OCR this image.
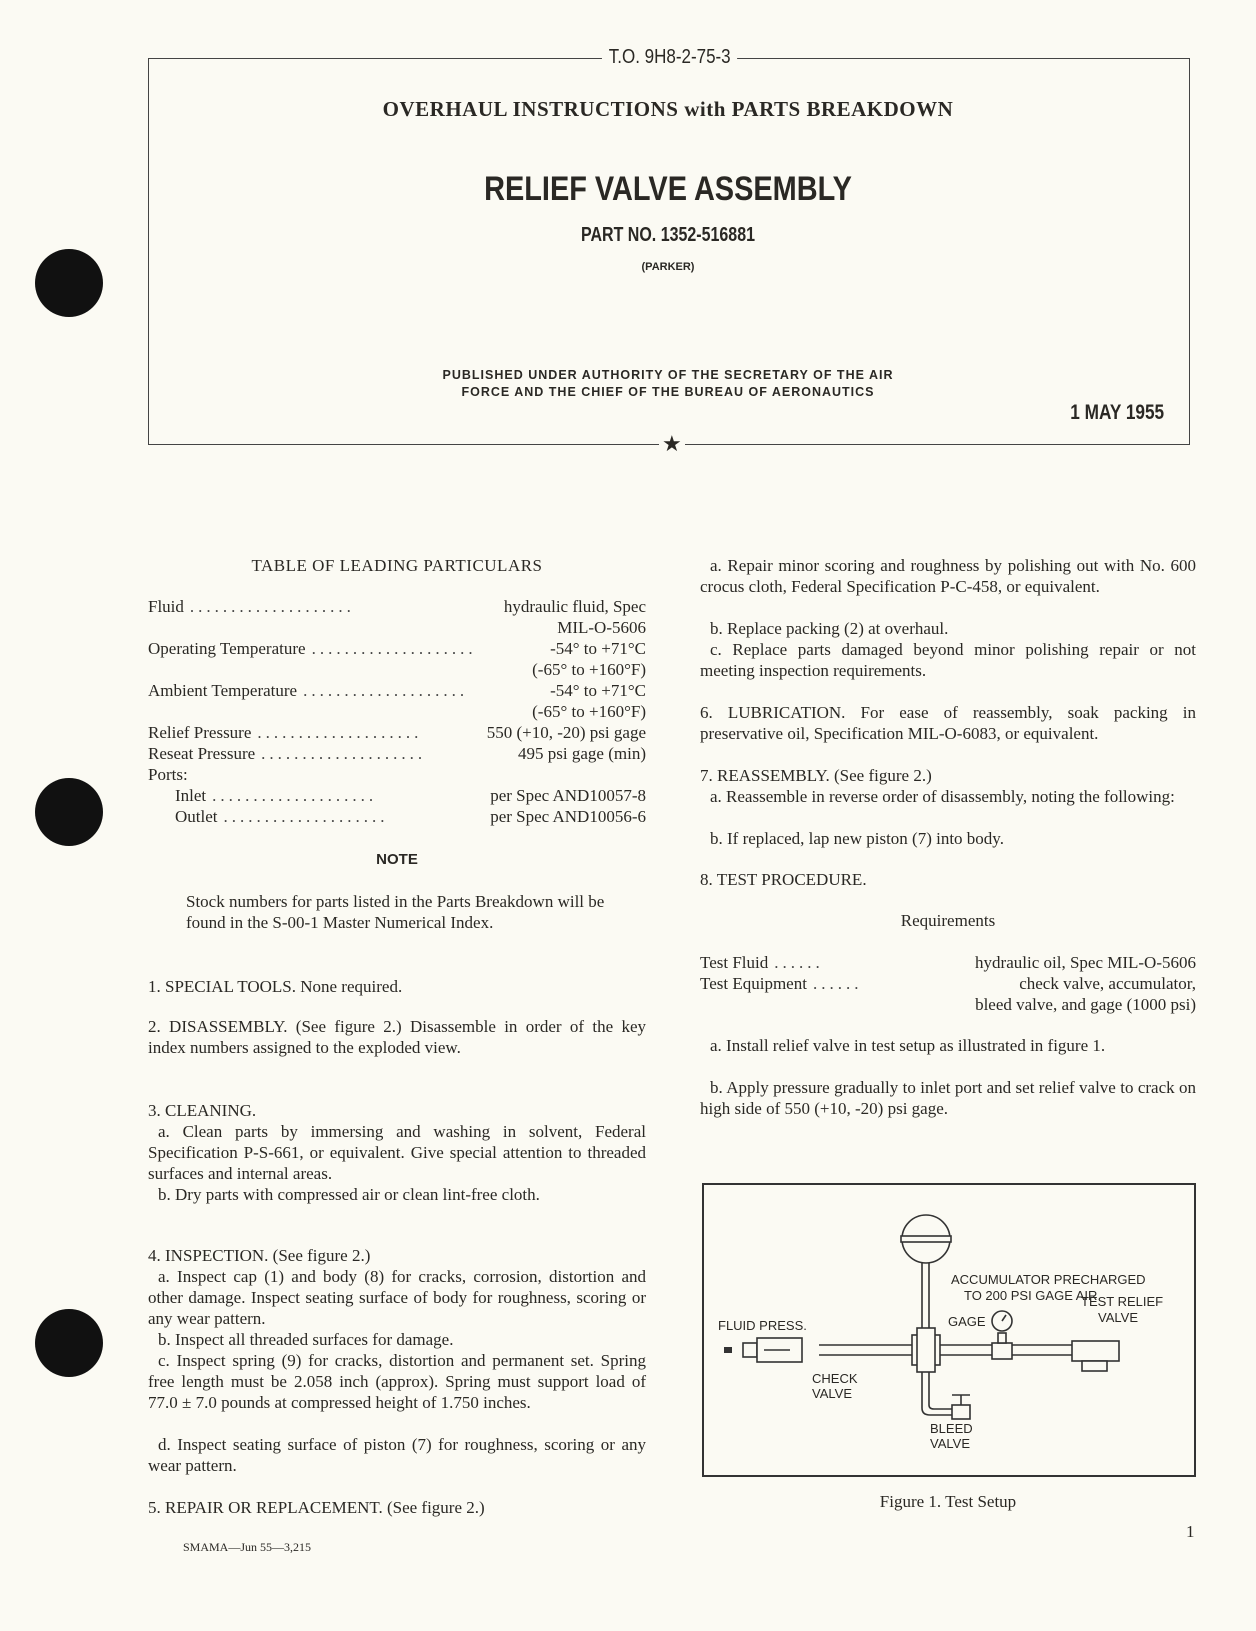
T.O. 9H8-2-75-3
OVERHAUL INSTRUCTIONS with PARTS BREAKDOWN
RELIEF VALVE ASSEMBLY
PART NO. 1352-516881
(PARKER)
PUBLISHED UNDER AUTHORITY OF THE SECRETARY OF THE AIR
FORCE AND THE CHIEF OF THE BUREAU OF AERONAUTICS
1 MAY 1955
★
TABLE OF LEADING PARTICULARS
Fluid ....................	hydraulic fluid, Spec
MIL-O-5606
Operating Temperature ....................	-54° to +71°C
(-65° to +160°F)
Ambient Temperature ....................	-54° to +71°C
(-65° to +160°F)
Relief Pressure ....................	550 (+10, -20) psi gage
Reseat Pressure ....................	495 psi gage (min)
Ports:
Inlet ....................	per Spec AND10057-8
Outlet ....................	per Spec AND10056-6
NOTE
Stock numbers for parts listed in the Parts Breakdown will be found in the S-00-1 Master Numerical Index.
1. SPECIAL TOOLS. None required.
2. DISASSEMBLY. (See figure 2.) Disassemble in order of the key index numbers assigned to the exploded view.
3. CLEANING.
a. Clean parts by immersing and washing in solvent, Federal Specification P-S-661, or equivalent. Give special attention to threaded surfaces and internal areas.
b. Dry parts with compressed air or clean lint-free cloth.
4. INSPECTION. (See figure 2.)
a. Inspect cap (1) and body (8) for cracks, corrosion, distortion and other damage. Inspect seating surface of body for roughness, scoring or any wear pattern.
b. Inspect all threaded surfaces for damage.
c. Inspect spring (9) for cracks, distortion and permanent set. Spring free length must be 2.058 inch (approx). Spring must support load of 77.0 ± 7.0 pounds at compressed height of 1.750 inches.
d. Inspect seating surface of piston (7) for roughness, scoring or any wear pattern.
5. REPAIR OR REPLACEMENT. (See figure 2.)
SMAMA—Jun 55—3,215
a. Repair minor scoring and roughness by polishing out with No. 600 crocus cloth, Federal Specification P-C-458, or equivalent.
b. Replace packing (2) at overhaul.
c. Replace parts damaged beyond minor polishing repair or not meeting inspection requirements.
6. LUBRICATION. For ease of reassembly, soak packing in preservative oil, Specification MIL-O-6083, or equivalent.
7. REASSEMBLY. (See figure 2.)
a. Reassemble in reverse order of disassembly, noting the following:
b. If replaced, lap new piston (7) into body.
8. TEST PROCEDURE.
Requirements
Test Fluid ......	hydraulic oil, Spec MIL-O-5606
Test Equipment ......	check valve, accumulator,
bleed valve, and gage (1000 psi)
a. Install relief valve in test setup as illustrated in figure 1.
b. Apply pressure gradually to inlet port and set relief valve to crack on high side of 550 (+10, -20) psi gage.
ACCUMULATOR PRECHARGED
TO 200 PSI GAGE AIR
FLUID PRESS.	GAGE
TEST RELIEF
VALVE
CHECK
VALVE
BLEED
VALVE
Figure 1. Test Setup
1
